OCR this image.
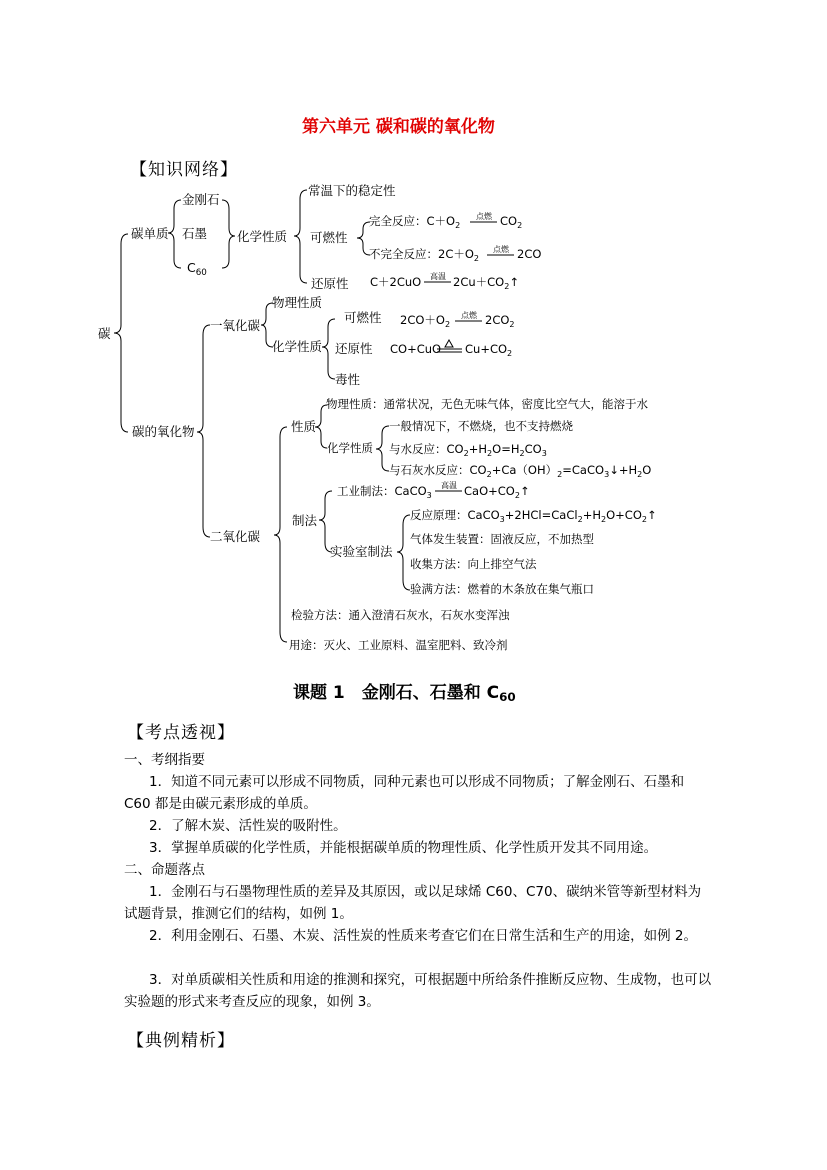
第六单元 碳和碳的氧化物
【知识网络】
碳
碳单质
金刚石
石墨
$C_{60}$
化学性质
常温下的稳定性
可燃性
完全反应：$C+O_2$
点燃 $CO_2$
不完全反应：$2C+O_2$
点燃 2CO
还原性 C＋2CuO 高温 $2Cu+CO_2↑$
碳的氧化物
一氧化碳
物理性质
化学性质
可燃性 $2CO+O_2$
点燃 $2CO_2$
还原性 CO+CuO $Cu+CO_2$
毒性
二氧化碳
性质
物理性质：通常状况，无色无味气体，密度比空气大，能溶于水
化学性质
一般情况下，不燃烧，也不支持燃烧
与水反应：$CO_2+H_2O=H_2CO_3$
与石灰水反应：$CO_2+Ca(OH)_2=CaCO_3↓+H_2O$
制法
工业制法：CaCO$_3$
高温 $CaO+CO_2↑$
实验室制法
反应原理：$CaCO_3+2HCl=CaCl_2+H_2O+CO_2↑$
气体发生装置：固液反应，不加热型
收集方法：向上排空气法
验满方法：燃着的木条放在集气瓶口
检验方法：通入澄清石灰水，石灰水变浑浊
用途：灭火、工业原料、温室肥料、致冷剂
课题 1　金刚石、石墨和 $C_{60}$
【考点透视】
一、考纲指要
1．知道不同元素可以形成不同物质，同种元素也可以形成不同物质；了解金刚石、石墨和 C60 都是由碳元素形成的单质。
2．了解木炭、活性炭的吸附性。
3．掌握单质碳的化学性质，并能根据碳单质的物理性质、化学性质开发其不同用途。
二、命题落点
1．金刚石与石墨物理性质的差异及其原因，或以足球烯 C60、C70、碳纳米管等新型材料为试题背景，推测它们的结构，如例 1。
2．利用金刚石、石墨、木炭、活性炭的性质来考查它们在日常生活和生产的用途，如例 2。
3．对单质碳相关性质和用途的推测和探究，可根据题中所给条件推断反应物、生成物，也可以实验题的形式来考查反应的现象，如例 3。
【典例精析】
